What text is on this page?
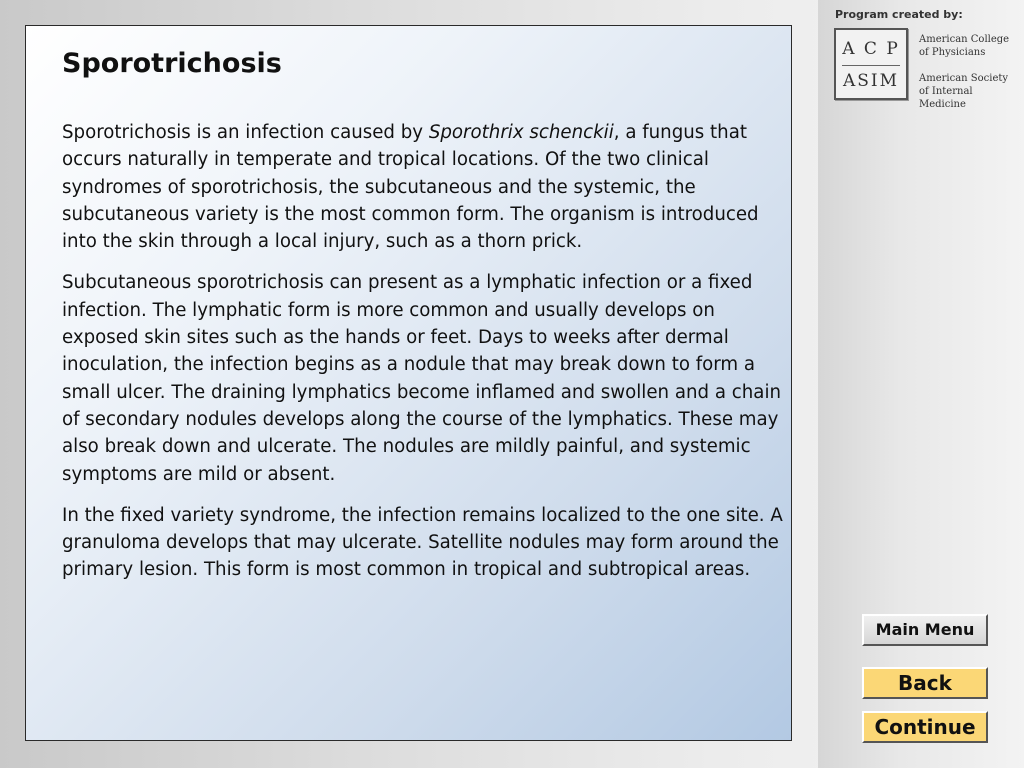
Sporotrichosis

Sporotrichosis is an infection caused by Sporothrix schenckii, a fungus that occurs naturally in temperate and tropical locations. Of the two clinical syndromes of sporotrichosis, the subcutaneous and the systemic, the subcutaneous variety is the most common form. The organism is introduced into the skin through a local injury, such as a thorn prick.

Subcutaneous sporotrichosis can present as a lymphatic infection or a fixed infection. The lymphatic form is more common and usually develops on exposed skin sites such as the hands or feet. Days to weeks after dermal inoculation, the infection begins as a nodule that may break down to form a small ulcer. The draining lymphatics become inflamed and swollen and a chain of secondary nodules develops along the course of the lymphatics. These may also break down and ulcerate. The nodules are mildly painful, and systemic symptoms are mild or absent.

In the fixed variety syndrome, the infection remains localized to the one site. A granuloma develops that may ulcerate. Satellite nodules may form around the primary lesion. This form is most common in tropical and subtropical areas.

Program created by:
A C P
ASIM
American College
of Physicians
American Society
of Internal Medicine
Main Menu
Back
Continue
